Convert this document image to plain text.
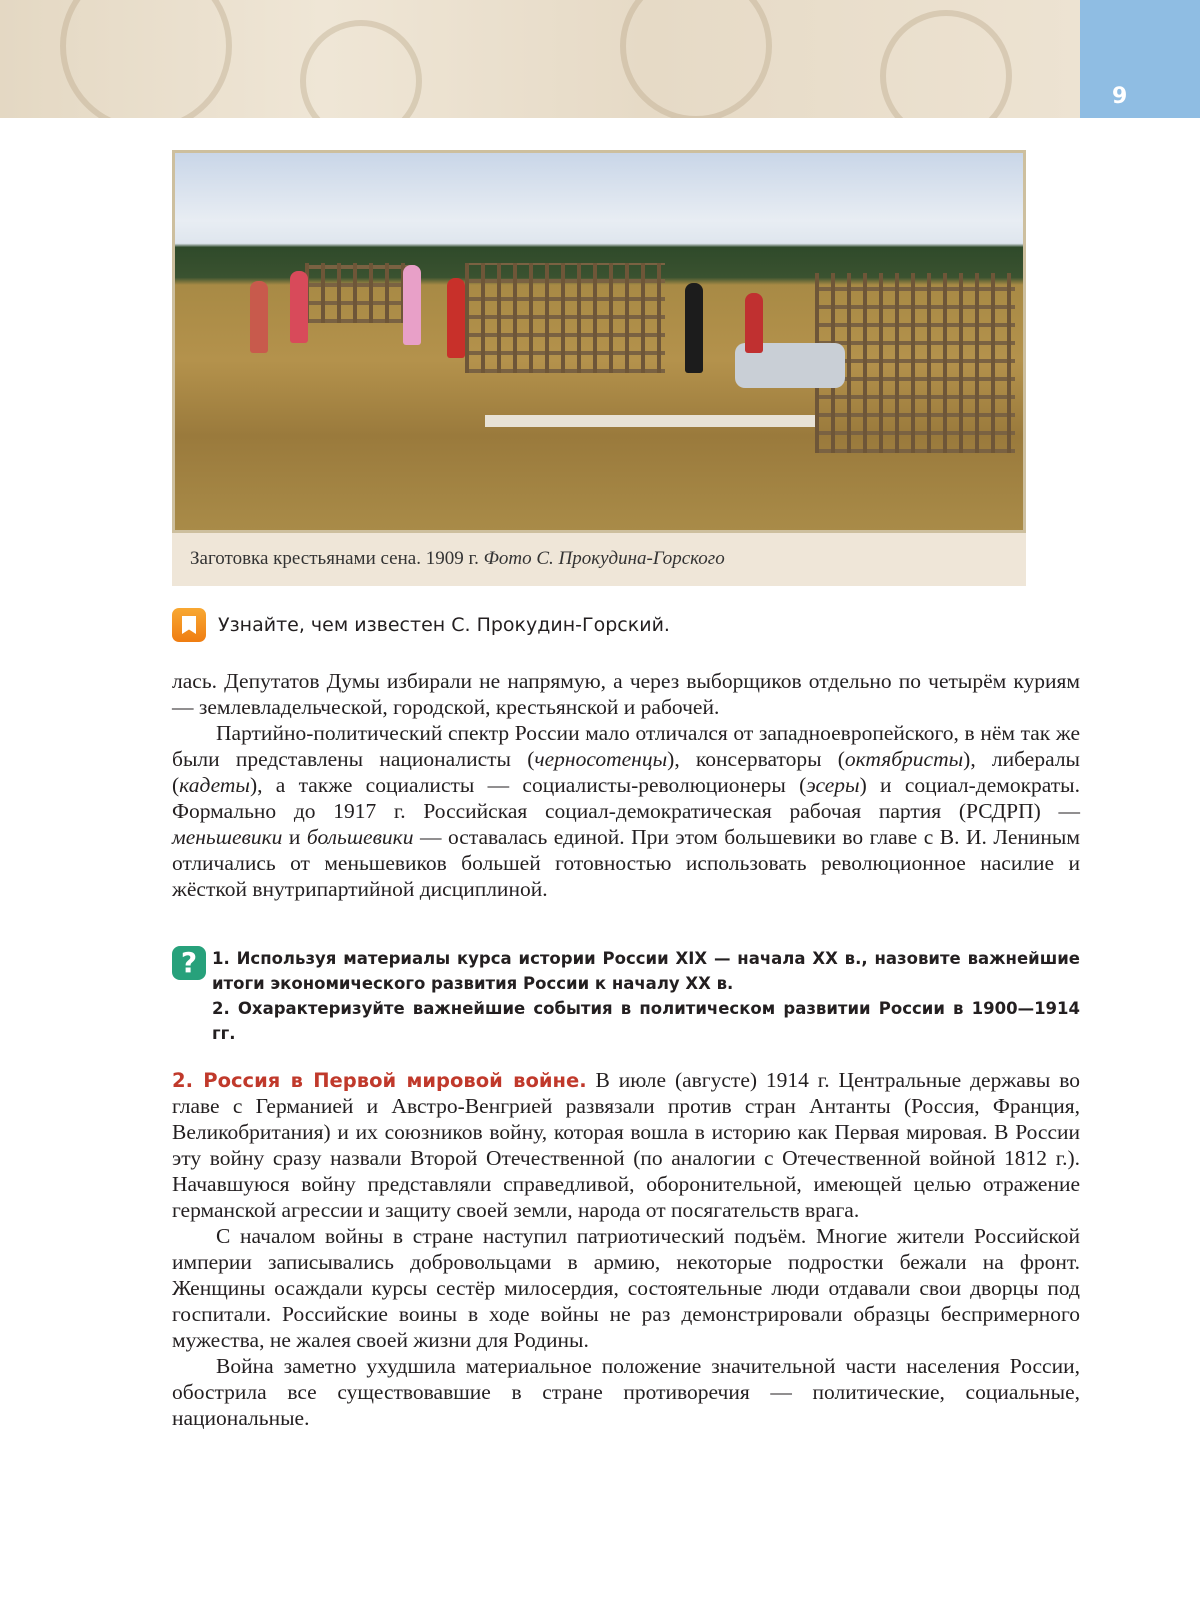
9
Заготовка крестьянами сена. 1909 г. Фото С. Прокудина-Горского
Узнайте, чем известен С. Прокудин-Горский.

лась. Депутатов Думы избирали не напрямую, а через выборщиков отдельно по четырём куриям — землевладельческой, городской, крестьянской и рабочей.

Партийно-политический спектр России мало отличался от западноевропейского, в нём так же были представлены националисты (черносотенцы), консерваторы (октябристы), либералы (кадеты), а также социалисты — социалисты-революционеры (эсеры) и социал-демократы. Формально до 1917 г. Российская социал-демократическая рабочая партия (РСДРП) — меньшевики и большевики — оставалась единой. При этом большевики во главе с В. И. Лениным отличались от меньшевиков большей готовностью использовать революционное насилие и жёсткой внутрипартийной дисциплиной.

? 1. Используя материалы курса истории России XIX — начала XX в., назовите важнейшие итоги экономического развития России к началу XX в.

2. Охарактеризуйте важнейшие события в политическом развитии России в 1900—1914 гг.

2. Россия в Первой мировой войне. В июле (августе) 1914 г. Центральные державы во главе с Германией и Австро-Венгрией развязали против стран Антанты (Россия, Франция, Великобритания) и их союзников войну, которая вошла в историю как Первая мировая. В России эту войну сразу назвали Второй Отечественной (по аналогии с Отечественной войной 1812 г.). Начавшуюся войну представляли справедливой, оборонительной, имеющей целью отражение германской агрессии и защиту своей земли, народа от посягательств врага.

С началом войны в стране наступил патриотический подъём. Многие жители Российской империи записывались добровольцами в армию, некоторые подростки бежали на фронт. Женщины осаждали курсы сестёр милосердия, состоятельные люди отдавали свои дворцы под госпитали. Российские воины в ходе войны не раз демонстрировали образцы беспримерного мужества, не жалея своей жизни для Родины.

Война заметно ухудшила материальное положение значительной части населения России, обострила все существовавшие в стране противоречия — политические, социальные, национальные.
